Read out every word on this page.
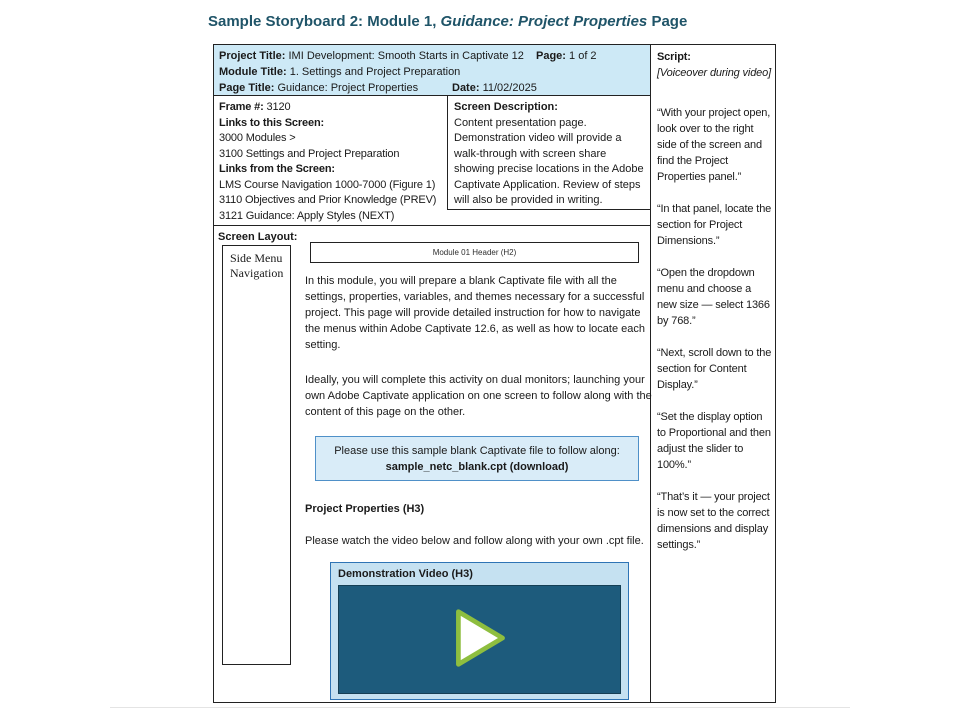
Sample Storyboard 2: Module 1, Guidance: Project Properties Page
Project Title: IMI Development: Smooth Starts in Captivate 12	Page: 1 of 2
Module Title: 1. Settings and Project Preparation
Page Title: Guidance: Project Properties	Date: 11/02/2025
Frame #: 3120
Links to this Screen:
3000 Modules >
3100 Settings and Project Preparation
Links from the Screen:
LMS Course Navigation 1000-7000 (Figure 1)
3110 Objectives and Prior Knowledge (PREV)
3121 Guidance: Apply Styles (NEXT)
Screen Description:
Content presentation page.
Demonstration video will provide a walk-through with screen share showing precise locations in the Adobe Captivate Application. Review of steps will also be provided in writing.
Screen Layout:
Side Menu Navigation
Module 01 Header (H2)

In this module, you will prepare a blank Captivate file with all the settings, properties, variables, and themes necessary for a successful project. This page will provide detailed instruction for how to navigate the menus within Adobe Captivate 12.6, as well as how to locate each setting.

Ideally, you will complete this activity on dual monitors; launching your own Adobe Captivate application on one screen to follow along with the content of this page on the other.

Please use this sample blank Captivate file to follow along:
sample_netc_blank.cpt (download)

Project Properties (H3)

Please watch the video below and follow along with your own .cpt file.

Demonstration Video (H3)
Script:
[Voiceover during video]

“With your project open, look over to the right side of the screen and find the Project Properties panel.”

“In that panel, locate the section for Project Dimensions.”

“Open the dropdown menu and choose a new size — select 1366 by 768.”

“Next, scroll down to the section for Content Display.”

“Set the display option to Proportional and then adjust the slider to 100%.”

“That’s it — your project is now set to the correct dimensions and display settings.”
